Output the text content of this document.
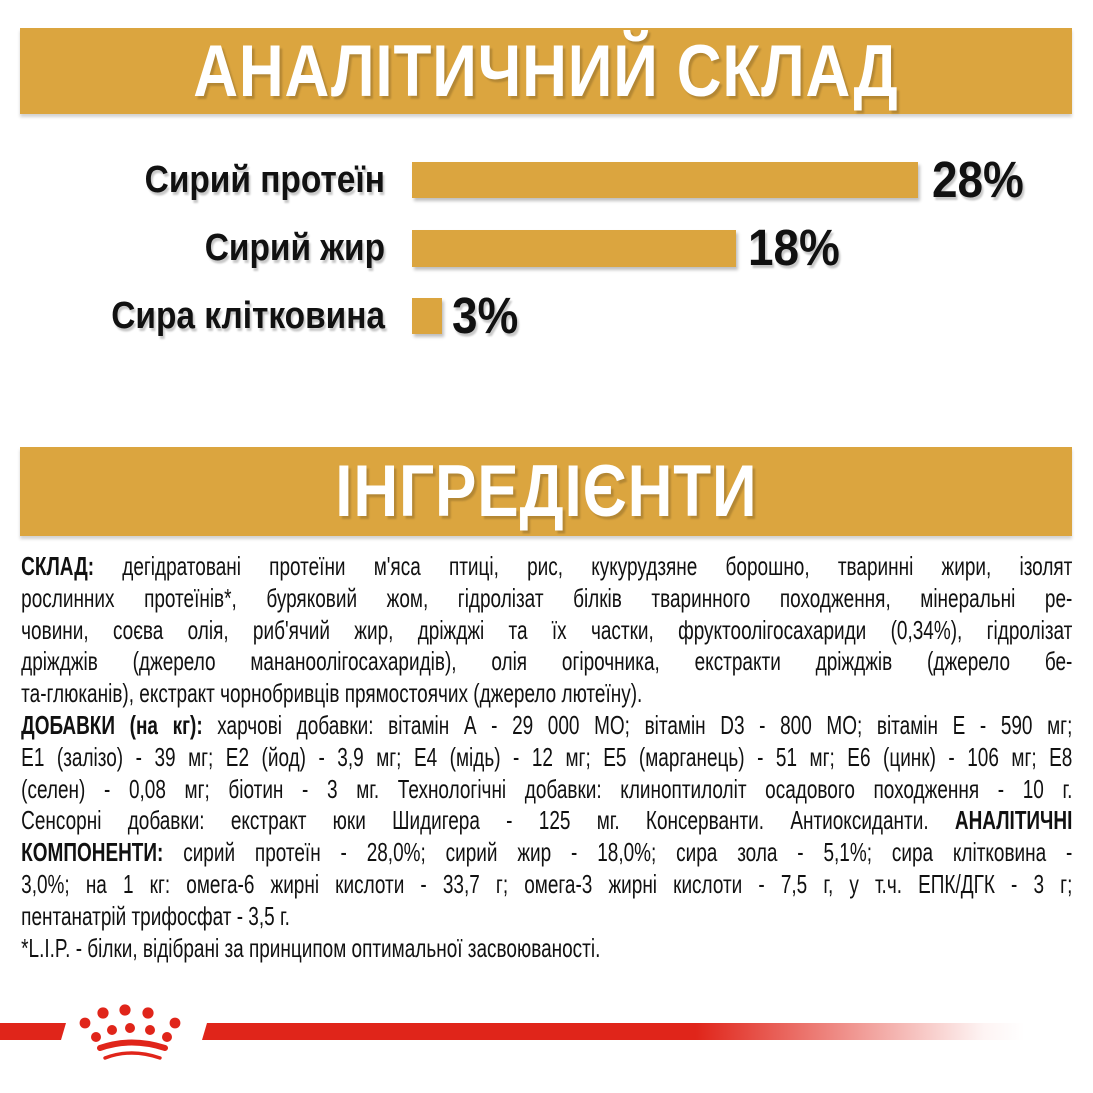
АНАЛІТИЧНИЙ СКЛАД
Сирий протеїн	28%
Сирий жир	18%
Сира клітковина 3%
ІНГРЕДІЄНТИ
СКЛАД: дегідратовані протеїни м'яса птиці, рис, кукурудзяне борошно, тваринні жири, ізолят
рослинних протеїнів*, буряковий жом, гідролізат білків тваринного походження, мінеральні ре-
човини, соєва олія, риб'ячий жир, дріжджі та їх частки, фруктоолігосахариди (0,34%), гідролізат
дріжджів (джерело мананоолігосахаридів), олія огірочника, екстракти дріжджів (джерело бе-
та-глюканів), екстракт чорнобривців прямостоячих (джерело лютеїну).
ДОБАВКИ (на кг): харчові добавки: вітамін А - 29 000 МО; вітамін D3 - 800 МО; вітамін Е - 590 мг;
Е1 (залізо) - 39 мг; Е2 (йод) - 3,9 мг; Е4 (мідь) - 12 мг; Е5 (марганець) - 51 мг; Е6 (цинк) - 106 мг; Е8
(селен) - 0,08 мг; біотин - 3 мг. Технологічні добавки: клиноптилоліт осадового походження - 10 г.
Сенсорні добавки: екстракт юки Шидигера - 125 мг. Консерванти. Антиоксиданти. АНАЛІТИЧНІ
КОМПОНЕНТИ: сирий протеїн - 28,0%; сирий жир - 18,0%; сира зола - 5,1%; сира клітковина -
3,0%; на 1 кг: омега-6 жирні кислоти - 33,7 г; омега-3 жирні кислоти - 7,5 г, у т.ч. ЕПК/ДГК - 3 г;
пентанатрій трифосфат - 3,5 г.
*L.I.P. - білки, відібрані за принципом оптимальної засвоюваності.
